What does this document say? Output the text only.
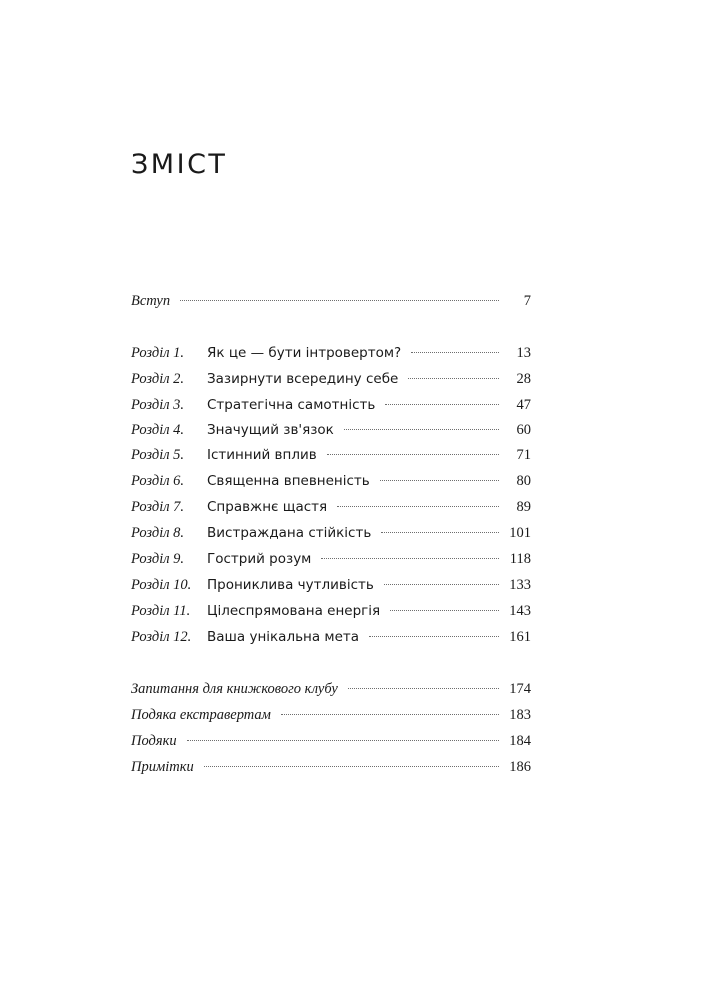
ЗМІСТ
Вступ	7
Розділ 1.	Як це — бути інтровертом?	13
Розділ 2.	Зазирнути всередину себе	28
Розділ 3.	Стратегічна самотність	47
Розділ 4.	Значущий зв'язок	60
Розділ 5.	Істинний вплив	71
Розділ 6.	Священна впевненість	80
Розділ 7.	Справжнє щастя	89
Розділ 8.	Вистраждана стійкість	101
Розділ 9.	Гострий розум	118
Розділ 10.	Прониклива чутливість	133
Розділ 11.	Цілеспрямована енергія	143
Розділ 12.	Ваша унікальна мета	161
Запитання для книжкового клубу	174
Подяка екстравертам	183
Подяки	184
Примітки	186
